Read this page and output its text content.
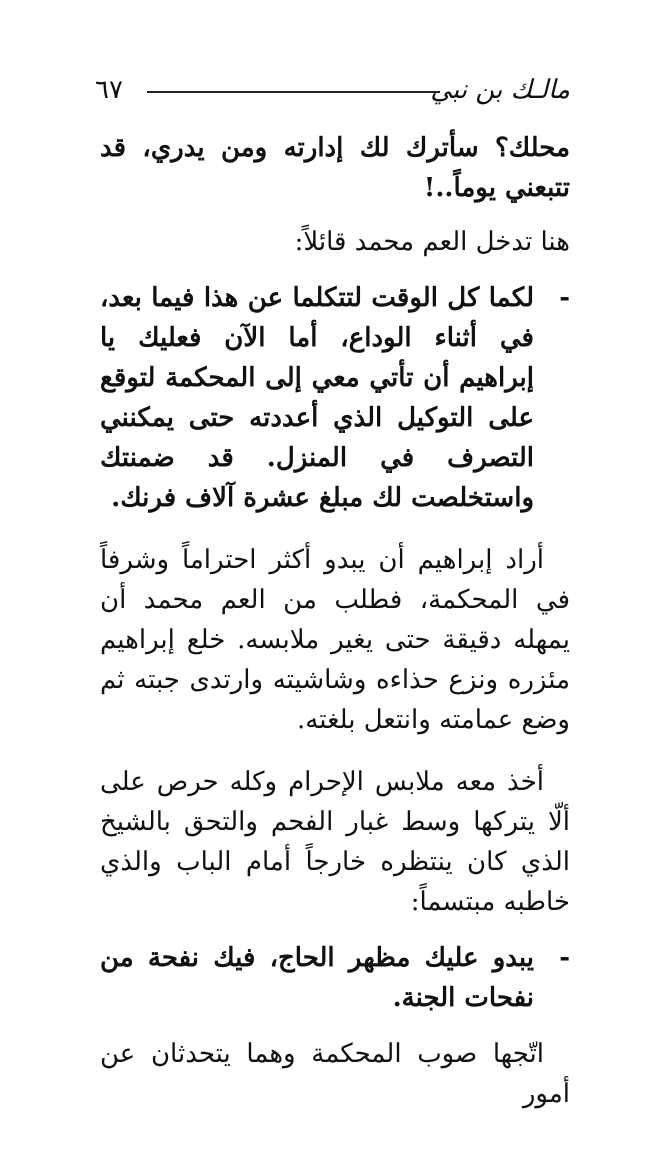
مالـك بن نبي
٦٧

محلك؟ سأترك لك إدارته ومن يدري، قد تتبعني يوماً..!

هنا تدخل العم محمد قائلاً:

-

لكما كل الوقت لتتكلما عن هذا فيما بعد، في أثناء الوداع، أما الآن فعليك يا إبراهيم أن تأتي معي إلى المحكمة لتوقع على التوكيل الذي أعددته حتى يمكنني التصرف في المنزل. قد ضمنتك واستخلصت لك مبلغ عشرة آلاف فرنك.

أراد إبراهيم أن يبدو أكثر احتراماً وشرفاً في المحكمة، فطلب من العم محمد أن يمهله دقيقة حتى يغير ملابسه. خلع إبراهيم مئزره ونزع حذاءه وشاشيته وارتدى جبته ثم وضع عمامته وانتعل بلغته.

أخذ معه ملابس الإحرام وكله حرص على ألّا يتركها وسط غبار الفحم والتحق بالشيخ الذي كان ينتظره خارجاً أمام الباب والذي خاطبه مبتسماً:

-

يبدو عليك مظهر الحاج، فيك نفحة من نفحات الجنة.

اتّجها صوب المحكمة وهما يتحدثان عن أمور
